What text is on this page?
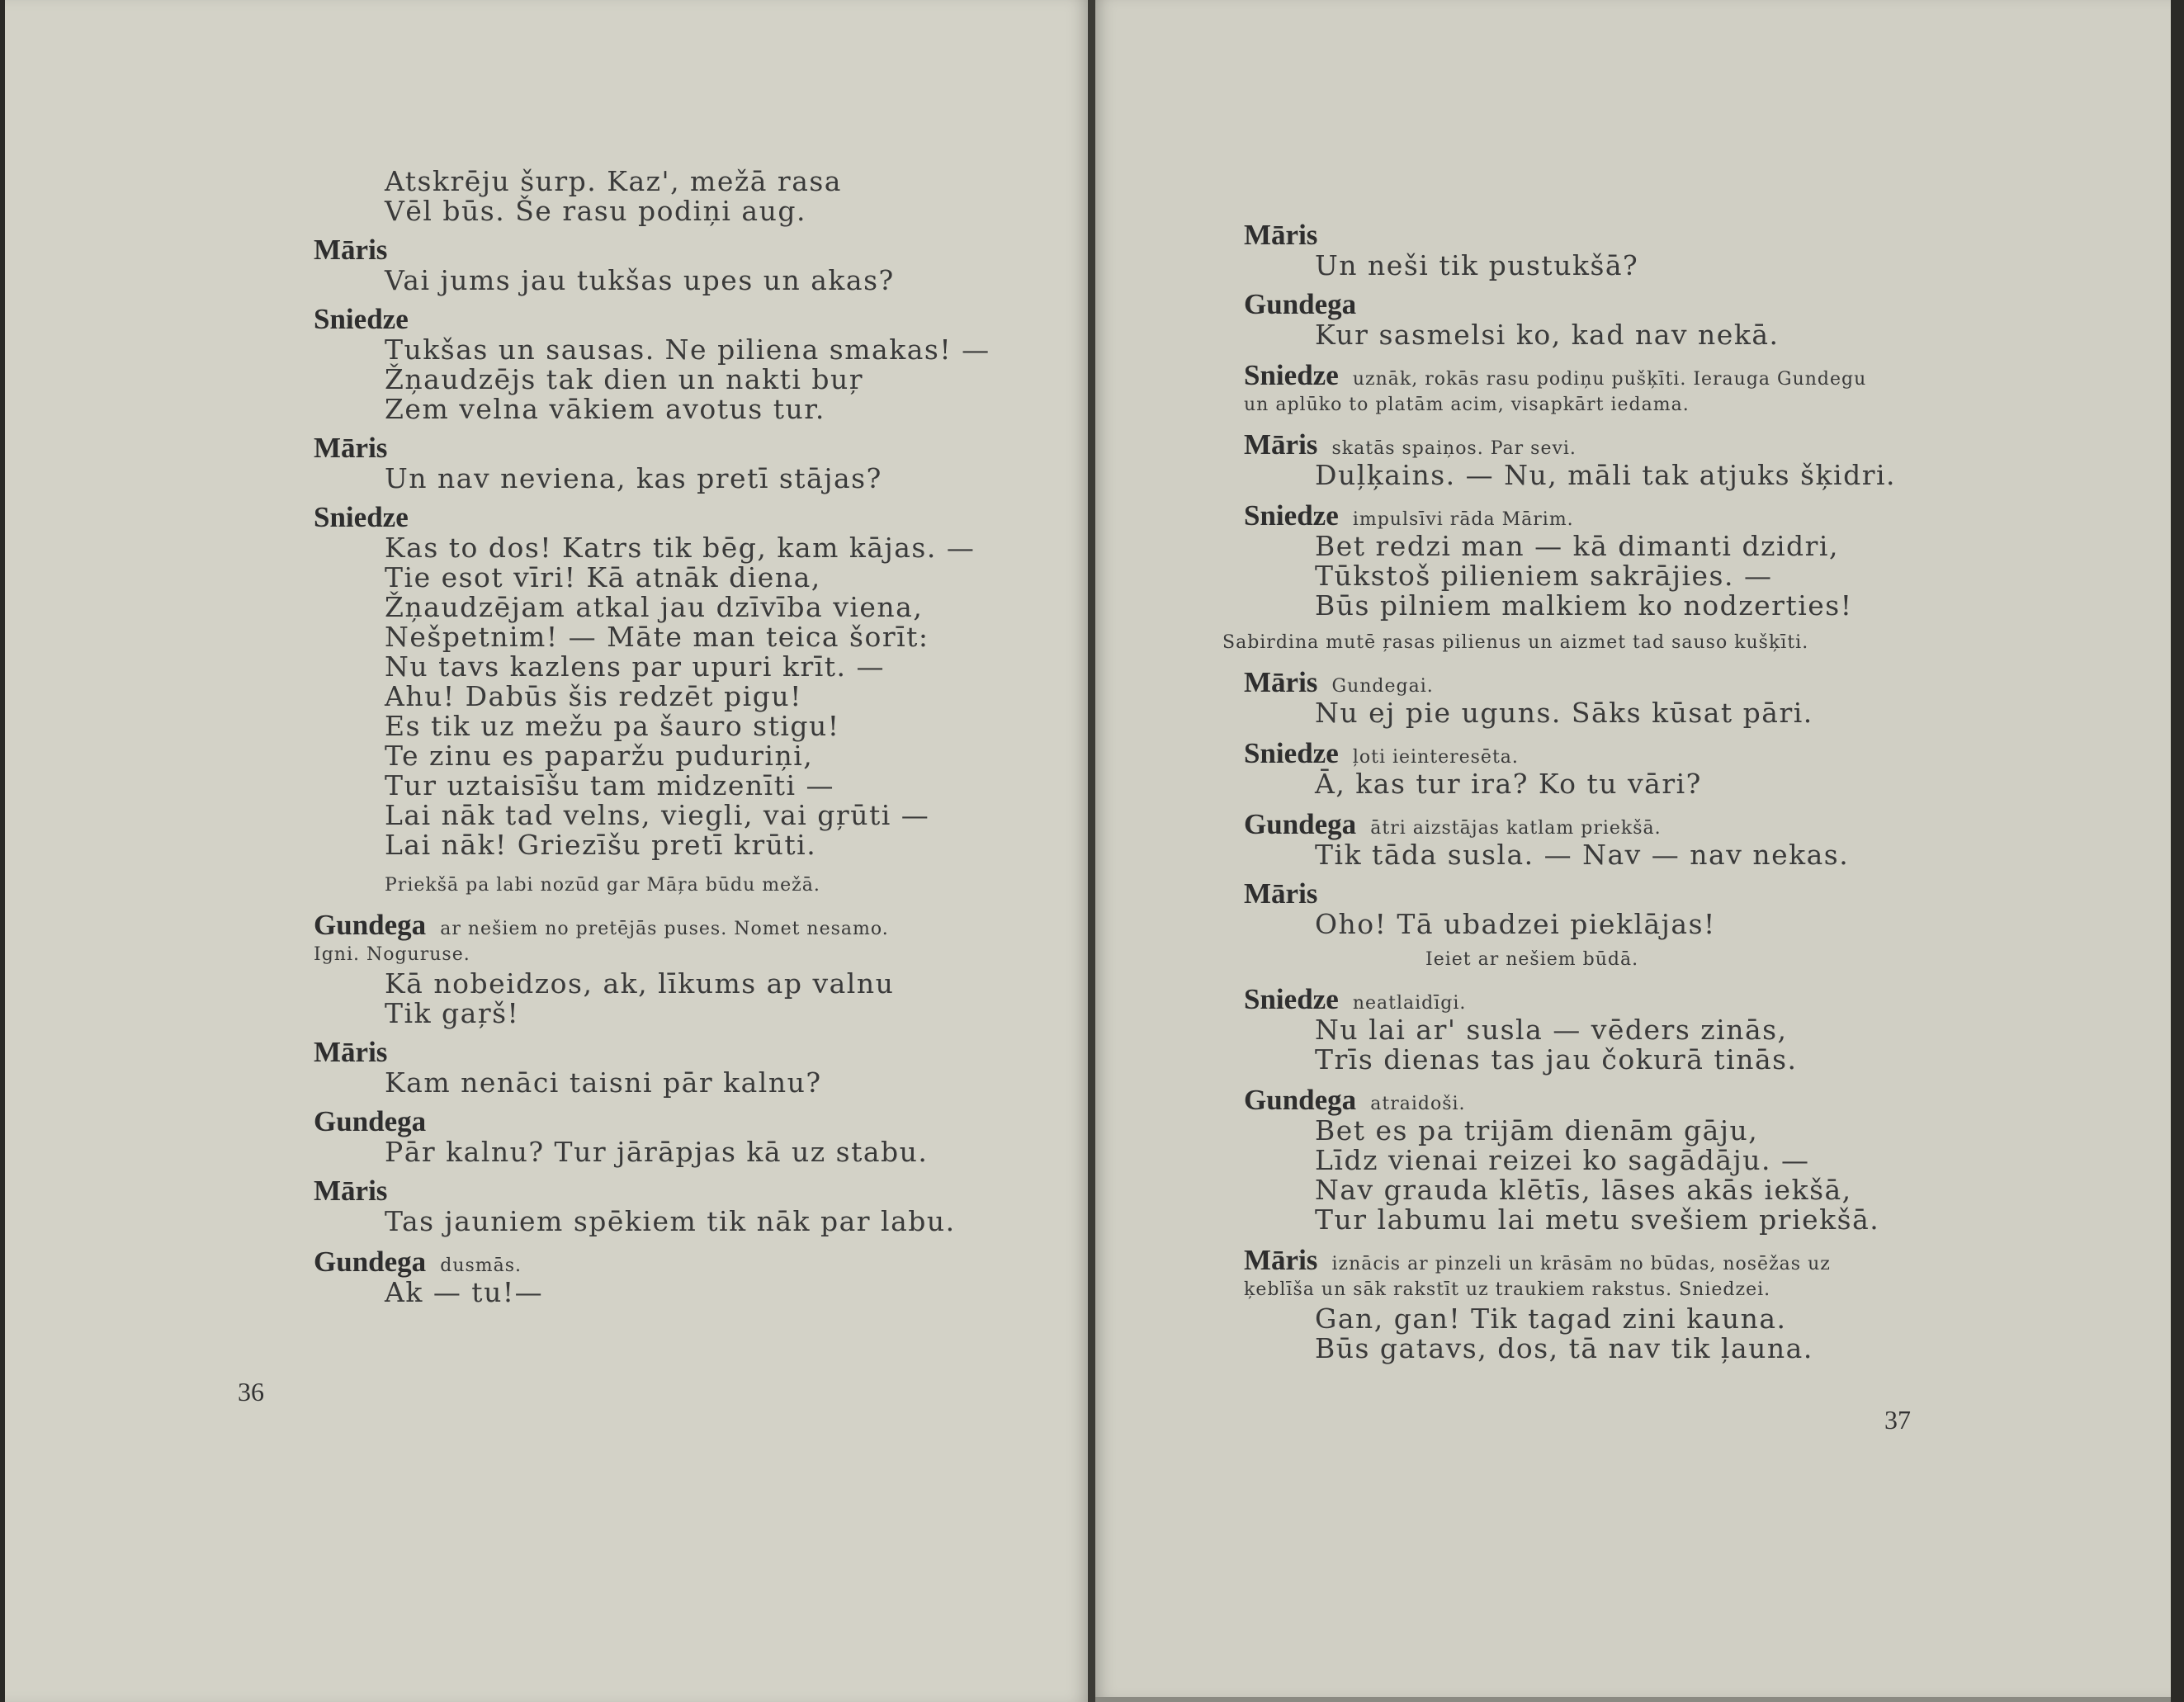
Atskrēju šurp. Kaz', mežā rasa
Vēl būs. Še rasu podiņi aug.
Māris
Vai jums jau tukšas upes un akas?
Sniedze
Tukšas un sausas. Ne piliena smakas! —
Žņaudzējs tak dien un nakti buŗ
Zem velna vākiem avotus tur.
Māris
Un nav neviena, kas pretī stājas?
Sniedze
Kas to dos! Katrs tik bēg, kam kājas. —
Tie esot vīri! Kā atnāk diena,
Žņaudzējam atkal jau dzīvība viena,
Nešpetnim! — Māte man teica šorīt:
Nu tavs kazlens par upuri krīt. —
Ahu! Dabūs šis redzēt pigu!
Es tik uz mežu pa šauro stigu!
Te zinu es paparžu puduriņi,
Tur uztaisīšu tam midzenīti —
Lai nāk tad velns, viegli, vai gŗūti —
Lai nāk! Griezīšu pretī krūti.
Priekšā pa labi nozūd gar Māŗa būdu mežā.
Gundega ar nešiem no pretējās puses. Nomet nesamo.
Igni. Noguruse.
Kā nobeidzos, ak, līkums ap valnu
Tik gaŗš!
Māris
Kam nenāci taisni pār kalnu?
Gundega
Pār kalnu? Tur jārāpjas kā uz stabu.
Māris
Tas jauniem spēkiem tik nāk par labu.
Gundega dusmās.
Ak — tu!—
36
Māris
Un neši tik pustukšā?
Gundega
Kur sasmelsi ko, kad nav nekā.
Sniedze uznāk, rokās rasu podiņu pušķīti. Ierauga Gundegu
un aplūko to platām acim, visapkārt iedama.
Māris skatās spaiņos. Par sevi.
Duļķains. — Nu, māli tak atjuks šķidri.
Sniedze impulsīvi rāda Mārim.
Bet redzi man — kā dimanti dzidri,
Tūkstoš pilieniem sakrājies. —
Būs pilniem malkiem ko nodzerties!
Sabirdina mutē ŗasas pilienus un aizmet tad sauso kušķīti.
Māris Gundegai.
Nu ej pie uguns. Sāks kūsat pāri.
Sniedze ļoti ieinteresēta.
Ā, kas tur ira? Ko tu vāri?
Gundega ātri aizstājas katlam priekšā.
Tik tāda susla. — Nav — nav nekas.
Māris
Oho! Tā ubadzei pieklājas!
Ieiet ar nešiem būdā.
Sniedze neatlaidīgi.
Nu lai ar' susla — vēders zinās,
Trīs dienas tas jau čokurā tinās.
Gundega atraidoši.
Bet es pa trijām dienām gāju,
Līdz vienai reizei ko sagādāju. —
Nav grauda klētīs, lāses akās iekšā,
Tur labumu lai metu svešiem priekšā.
Māris iznācis ar pinzeli un krāsām no būdas, nosēžas uz
ķeblīša un sāk rakstīt uz traukiem rakstus. Sniedzei.
Gan, gan! Tik tagad zini kauna.
Būs gatavs, dos, tā nav tik ļauna.
37
